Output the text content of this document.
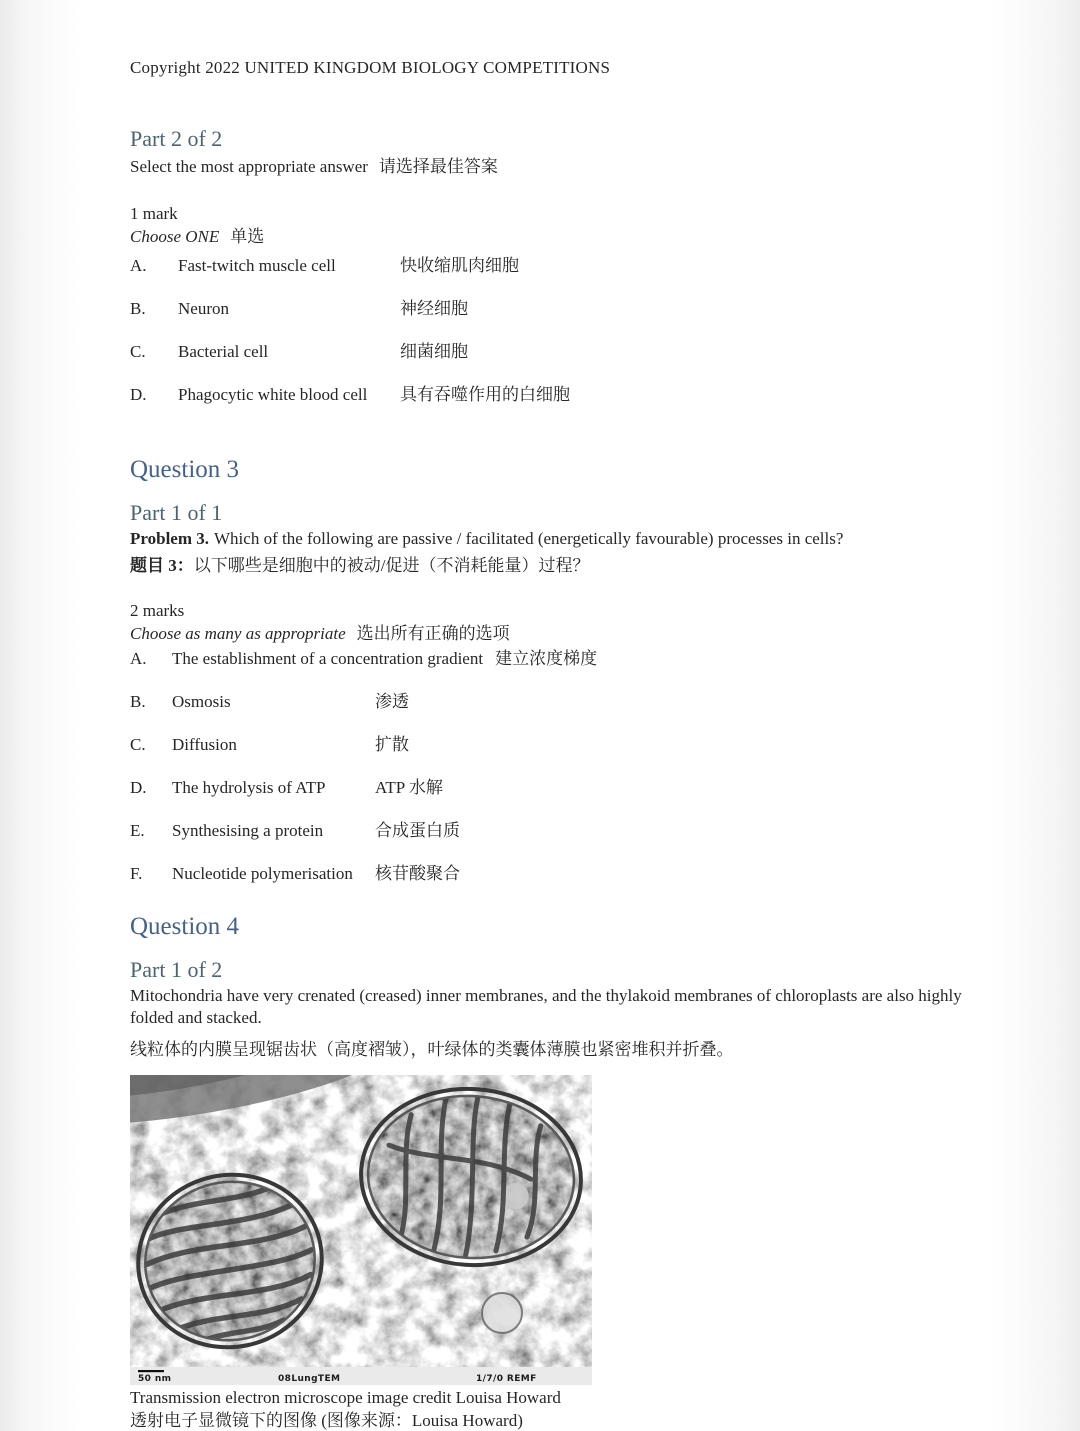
Copyright 2022 UNITED KINGDOM BIOLOGY COMPETITIONS
Part 2 of 2
Select the most appropriate answer 请选择最佳答案
1 mark
Choose ONE 单选
A.	Fast-twitch muscle cell	快收缩肌肉细胞
B.	Neuron	神经细胞
C.	Bacterial cell	细菌细胞
D.	Phagocytic white blood cell	具有吞噬作用的白细胞
Question 3
Part 1 of 1
Problem 3. Which of the following are passive / facilitated (energetically favourable) processes in cells?
题目 3：以下哪些是细胞中的被动/促进（不消耗能量）过程？
2 marks
Choose as many as appropriate 选出所有正确的选项
A.	The establishment of a concentration gradient 建立浓度梯度
B.	Osmosis	渗透
C.	Diffusion	扩散
D.	The hydrolysis of ATP	ATP 水解
E.	Synthesising a protein	合成蛋白质
F.	Nucleotide polymerisation	核苷酸聚合
Question 4
Part 1 of 2
Mitochondria have very crenated (creased) inner membranes, and the thylakoid membranes of chloroplasts are also highly folded and stacked.
线粒体的内膜呈现锯齿状（高度褶皱），叶绿体的类囊体薄膜也紧密堆积并折叠。
50 nm	08LungTEM	1/7/0 REMF
Transmission electron microscope image credit Louisa Howard
透射电子显微镜下的图像 (图像来源：Louisa Howard)
